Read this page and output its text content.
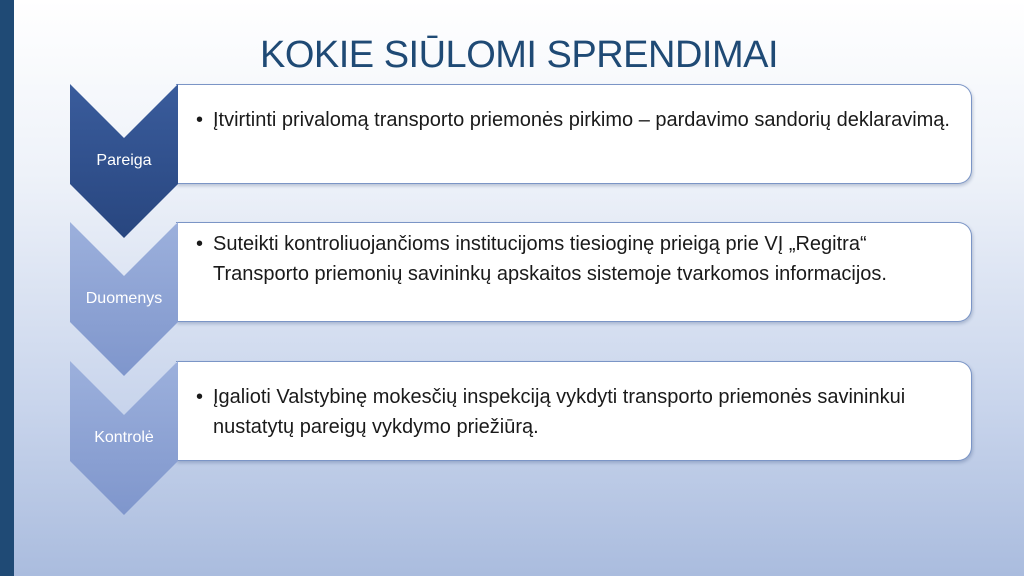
KOKIE SIŪLOMI SPRENDIMAI
• Įtvirtinti privalomą transporto priemonės pirkimo – pardavimo sandorių deklaravimą.
Pareiga
• Suteikti kontroliuojančioms institucijoms tiesioginę prieigą prie VĮ „Regitra“ Transporto priemonių savininkų apskaitos sistemoje tvarkomos informacijos.
Duomenys
• Įgalioti Valstybinę mokesčių inspekciją vykdyti transporto priemonės savininkui nustatytų pareigų vykdymo priežiūrą.
Kontrolė
